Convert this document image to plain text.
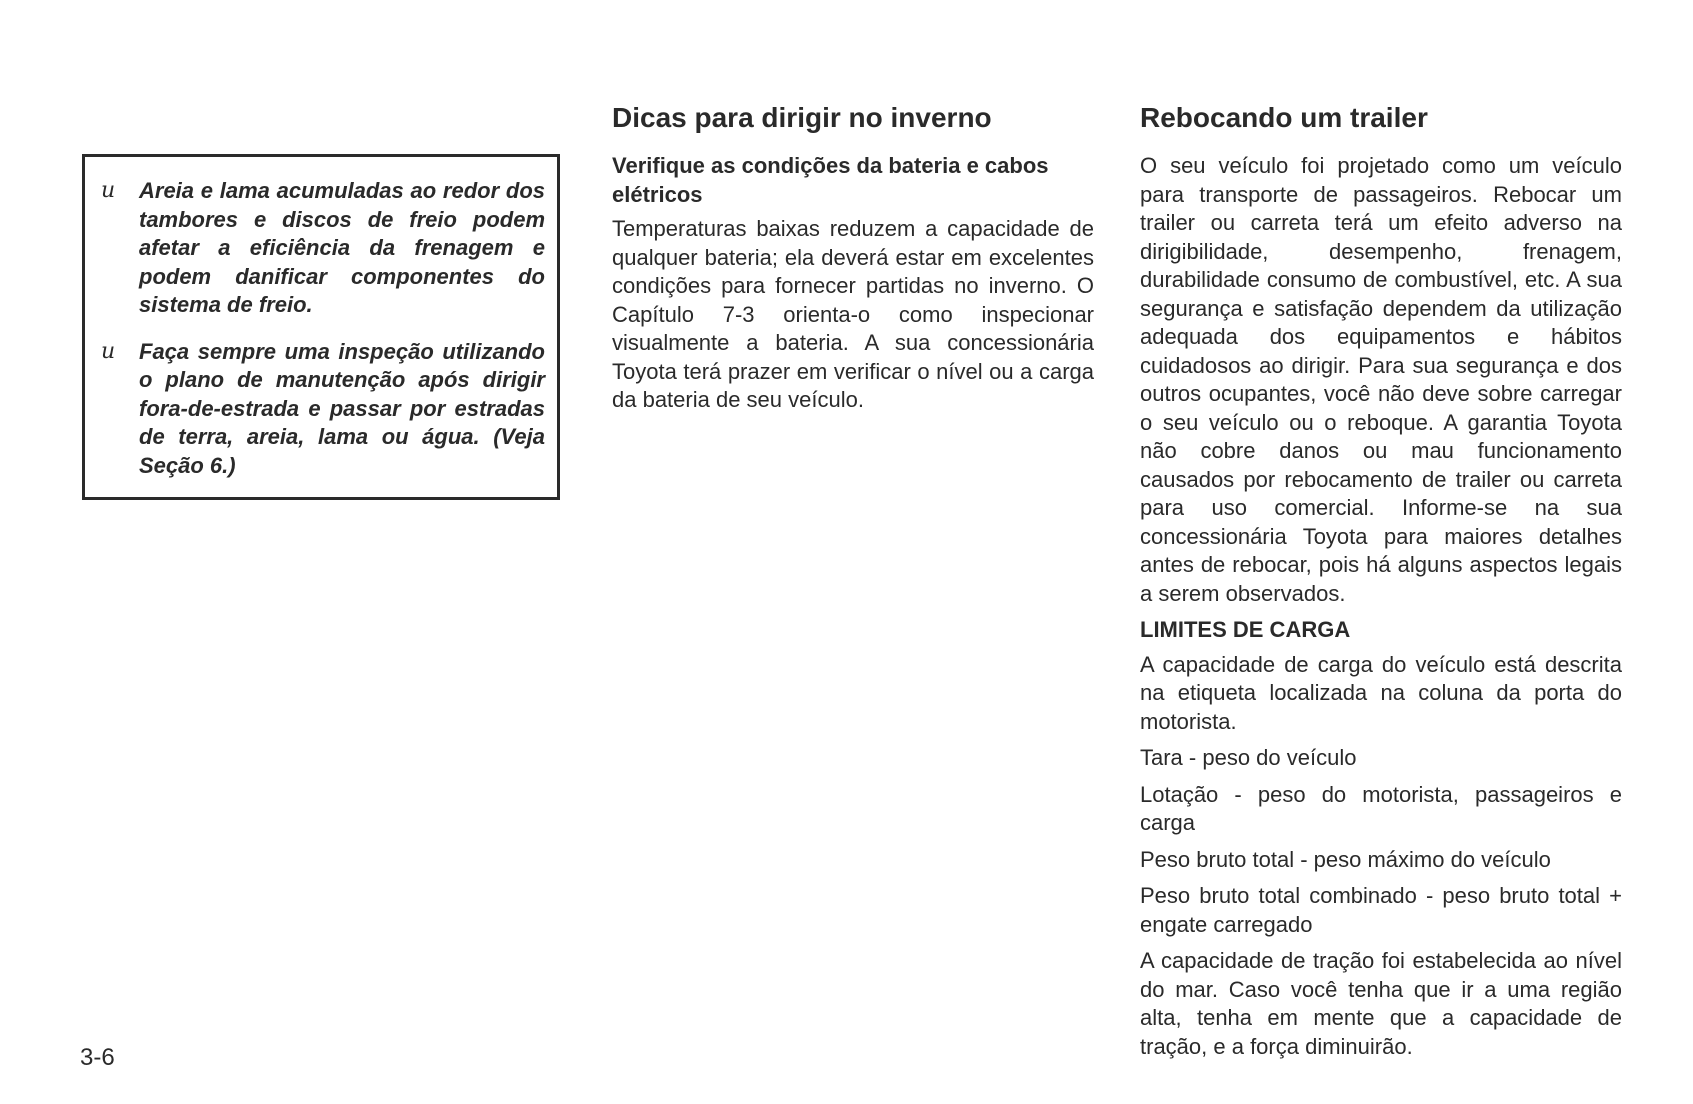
u	Areia e lama acumuladas ao redor dos tambores e discos de freio podem afetar a eficiência da frenagem e podem danificar componentes do sistema de freio.

u	Faça sempre uma inspeção utilizando o plano de manutenção após dirigir fora-de-estrada e passar por estradas de terra, areia, lama ou água. (Veja Seção 6.)

Dicas para dirigir no inverno
Verifique as condições da bateria e cabos elétricos

Temperaturas baixas reduzem a capacidade de qualquer bateria; ela deverá estar em excelentes condições para fornecer partidas no inverno. O Capítulo 7-3 orienta-o como inspecionar visualmente a bateria. A sua concessionária Toyota terá prazer em verificar o nível ou a carga da bateria de seu veículo.

Rebocando um trailer

O seu veículo foi projetado como um veículo para transporte de passageiros. Rebocar um trailer ou carreta terá um efeito adverso na dirigibilidade, desempenho, frenagem, durabilidade consumo de combustível, etc. A sua segurança e satisfação dependem da utilização adequada dos equipamentos e hábitos cuidadosos ao dirigir. Para sua segurança e dos outros ocupantes, você não deve sobre carregar o seu veículo ou o reboque. A garantia Toyota não cobre danos ou mau funcionamento causados por rebocamento de trailer ou carreta para uso comercial. Informe-se na sua concessionária Toyota para maiores detalhes antes de rebocar, pois há alguns aspectos legais a serem observados.

LIMITES DE CARGA

A capacidade de carga do veículo está descrita na etiqueta localizada na coluna da porta do motorista.

Tara - peso do veículo

Lotação - peso do motorista, passageiros e carga

Peso bruto total - peso máximo do veículo

Peso bruto total combinado - peso bruto total + engate carregado

A capacidade de tração foi estabelecida ao nível do mar. Caso você tenha que ir a uma região alta, tenha em mente que a capacidade de tração, e a força diminuirão.

3-6
